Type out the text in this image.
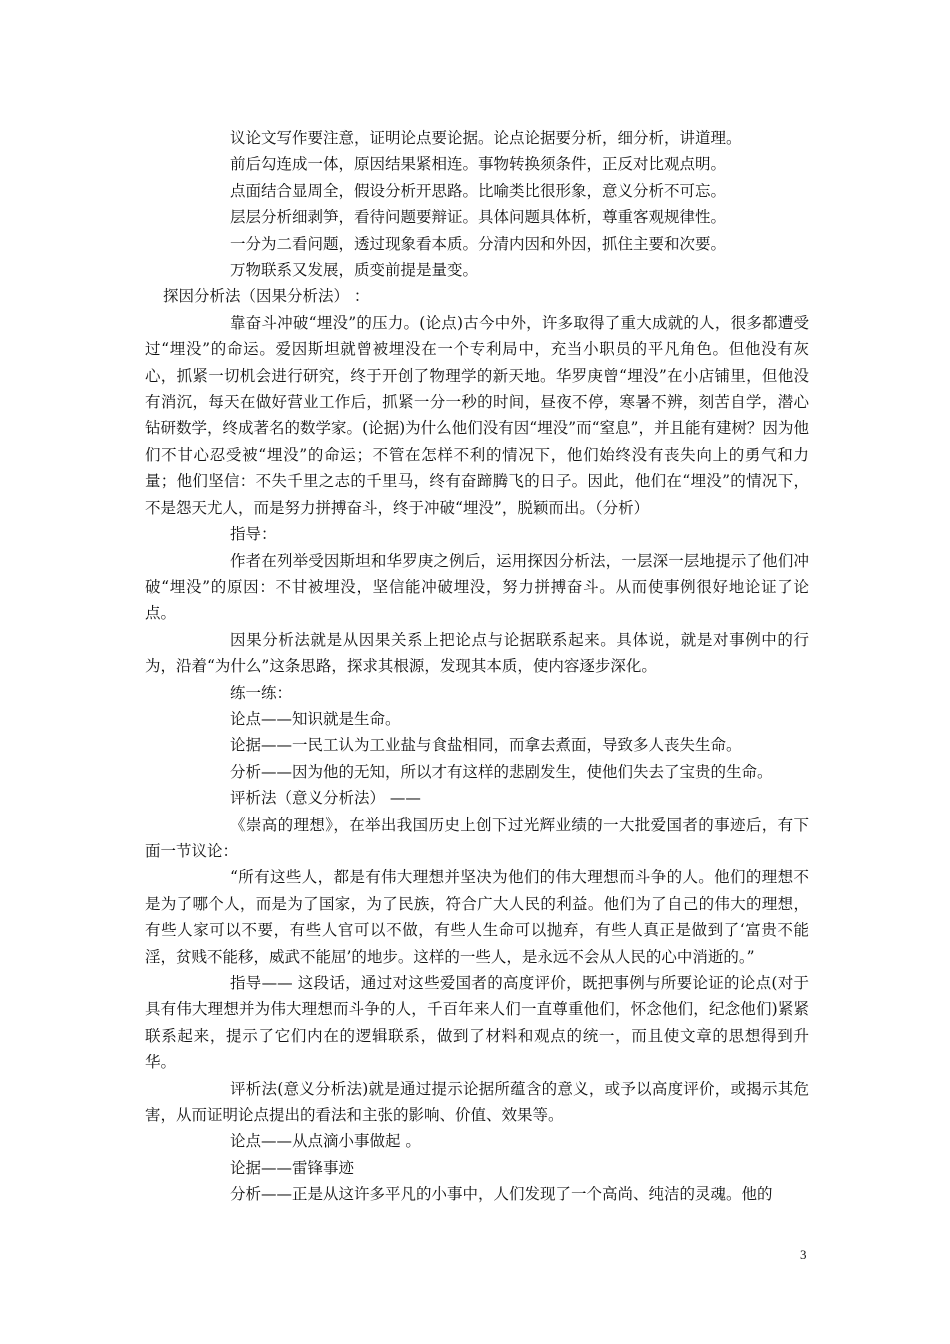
议论文写作要注意，证明论点要论据。论点论据要分析，细分析，讲道理。

前后勾连成一体，原因结果紧相连。事物转换须条件，正反对比观点明。

点面结合显周全，假设分析开思路。比喻类比很形象，意义分析不可忘。

层层分析细剥笋，看待问题要辩证。具体问题具体析，尊重客观规律性。

一分为二看问题，透过现象看本质。分清内因和外因，抓住主要和次要。

万物联系又发展，质变前提是量变。

探因分析法（因果分析法） ：

靠奋斗冲破“埋没”的压力。(论点)古今中外，许多取得了重大成就的人，很多都遭受过“埋没”的命运。爱因斯坦就曾被埋没在一个专利局中，充当小职员的平凡角色。但他没有灰心，抓紧一切机会进行研究，终于开创了物理学的新天地。华罗庚曾“埋没”在小店铺里，但他没有消沉，每天在做好营业工作后，抓紧一分一秒的时间，昼夜不停，寒暑不辨，刻苦自学，潜心钻研数学，终成著名的数学家。(论据)为什么他们没有因“埋没”而“窒息”，并且能有建树？因为他们不甘心忍受被“埋没”的命运；不管在怎样不利的情况下，他们始终没有丧失向上的勇气和力量；他们坚信：不失千里之志的千里马，终有奋蹄腾飞的日子。因此，他们在“埋没”的情况下，不是怨天尤人，而是努力拼搏奋斗，终于冲破“埋没”，脱颖而出。（分析）

指导：

作者在列举受因斯坦和华罗庚之例后，运用探因分析法，一层深一层地提示了他们冲破“埋没”的原因：不甘被埋没，坚信能冲破埋没，努力拼搏奋斗。从而使事例很好地论证了论点。

因果分析法就是从因果关系上把论点与论据联系起来。具体说，就是对事例中的行为，沿着“为什么”这条思路，探求其根源，发现其本质，使内容逐步深化。

练一练：

论点——知识就是生命。

论据——一民工认为工业盐与食盐相同，而拿去煮面，导致多人丧失生命。

分析——因为他的无知，所以才有这样的悲剧发生，使他们失去了宝贵的生命。

评析法（意义分析法） ——

《崇高的理想》，在举出我国历史上创下过光辉业绩的一大批爱国者的事迹后，有下面一节议论：

“所有这些人，都是有伟大理想并坚决为他们的伟大理想而斗争的人。他们的理想不是为了哪个人，而是为了国家，为了民族，符合广大人民的利益。他们为了自己的伟大的理想，有些人家可以不要，有些人官可以不做，有些人生命可以抛弃，有些人真正是做到了‘富贵不能淫，贫贱不能移，威武不能屈’的地步。这样的一些人，是永远不会从人民的心中消逝的。”

指导—— 这段话，通过对这些爱国者的高度评价，既把事例与所要论证的论点(对于具有伟大理想并为伟大理想而斗争的人，千百年来人们一直尊重他们，怀念他们，纪念他们)紧紧联系起来，提示了它们内在的逻辑联系，做到了材料和观点的统一，而且使文章的思想得到升华。

评析法(意义分析法)就是通过提示论据所蕴含的意义，或予以高度评价，或揭示其危害，从而证明论点提出的看法和主张的影响、价值、效果等。

论点——从点滴小事做起 。

论据——雷锋事迹

分析——正是从这许多平凡的小事中，人们发现了一个高尚、纯洁的灵魂。他的

3
